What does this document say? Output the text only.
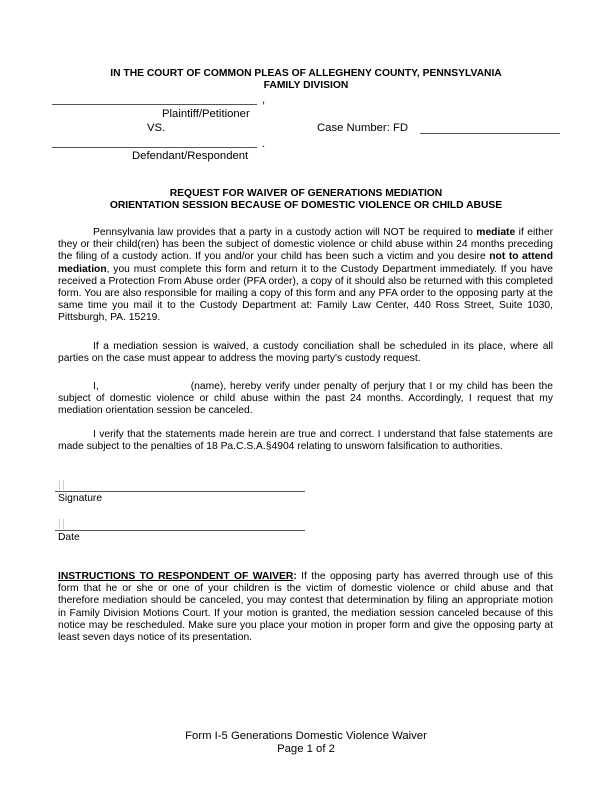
IN THE COURT OF COMMON PLEAS OF ALLEGHENY COUNTY, PENNSYLVANIA
FAMILY DIVISION
,
Plaintiff/Petitioner
VS.	Case Number: FD
.
Defendant/Respondent
REQUEST FOR WAIVER OF GENERATIONS MEDIATION
ORIENTATION SESSION BECAUSE OF DOMESTIC VIOLENCE OR CHILD ABUSE
Pennsylvania law provides that a party in a custody action will NOT be required to mediate if either they or their child(ren) has been the subject of domestic violence or child abuse within 24 months preceding the filing of a custody action. If you and/or your child has been such a victim and you desire not to attend mediation, you must complete this form and return it to the Custody Department immediately. If you have received a Protection From Abuse order (PFA order), a copy of it should also be returned with this completed form. You are also responsible for mailing a copy of this form and any PFA order to the opposing party at the same time you mail it to the Custody Department at: Family Law Center, 440 Ross Street, Suite 1030, Pittsburgh, PA. 15219.
If a mediation session is waived, a custody conciliation shall be scheduled in its place, where all parties on the case must appear to address the moving party's custody request.
I,	(name), hereby verify under penalty of perjury that I or my child has been the subject of domestic violence or child abuse within the past 24 months. Accordingly, I request that my mediation orientation session be canceled.
I verify that the statements made herein are true and correct. I understand that false statements are made subject to the penalties of 18 Pa.C.S.A.§4904 relating to unsworn falsification to authorities.
Signature
Date
INSTRUCTIONS TO RESPONDENT OF WAIVER: If the opposing party has averred through use of this form that he or she or one of your children is the victim of domestic violence or child abuse and that therefore mediation should be canceled, you may contest that determination by filing an appropriate motion in Family Division Motions Court. If your motion is granted, the mediation session canceled because of this notice may be rescheduled. Make sure you place your motion in proper form and give the opposing party at least seven days notice of its presentation.
Form I-5 Generations Domestic Violence Waiver
Page 1 of 2
